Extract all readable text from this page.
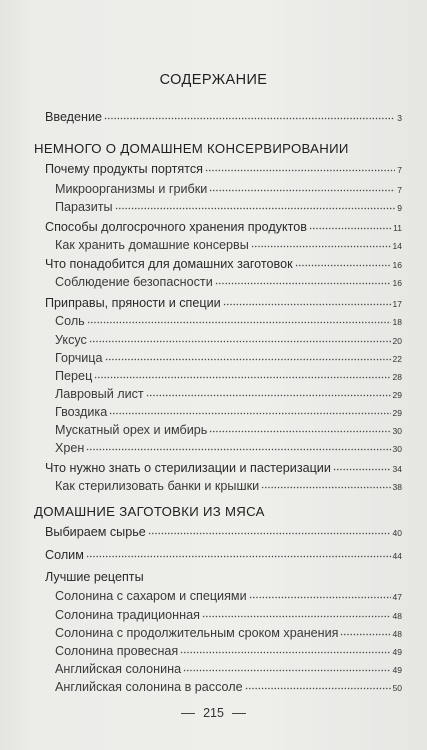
СОДЕРЖАНИЕ
Введение	3
НЕМНОГО О ДОМАШНЕМ КОНСЕРВИРОВАНИИ
Почему продукты портятся	7
Микроорганизмы и грибки	7
Паразиты	9
Способы долгосрочного хранения продуктов	11
Как хранить домашние консервы	14
Что понадобится для домашних заготовок	16
Соблюдение безопасности	16
Приправы, пряности и специи	17
Соль	18
Уксус	20
Горчица	22
Перец	28
Лавровый лист	29
Гвоздика	29
Мускатный орех и имбирь	30
Хрен	30
Что нужно знать о стерилизации и пастеризации	34
Как стерилизовать банки и крышки	38
ДОМАШНИЕ ЗАГОТОВКИ ИЗ МЯСА
Выбираем сырье	40
Солим	44
Лучшие рецепты
Солонина с сахаром и специями	47
Солонина традиционная	48
Солонина с продолжительным сроком хранения	48
Солонина провесная	49
Английская солонина	49
Английская солонина в рассоле	50
215
